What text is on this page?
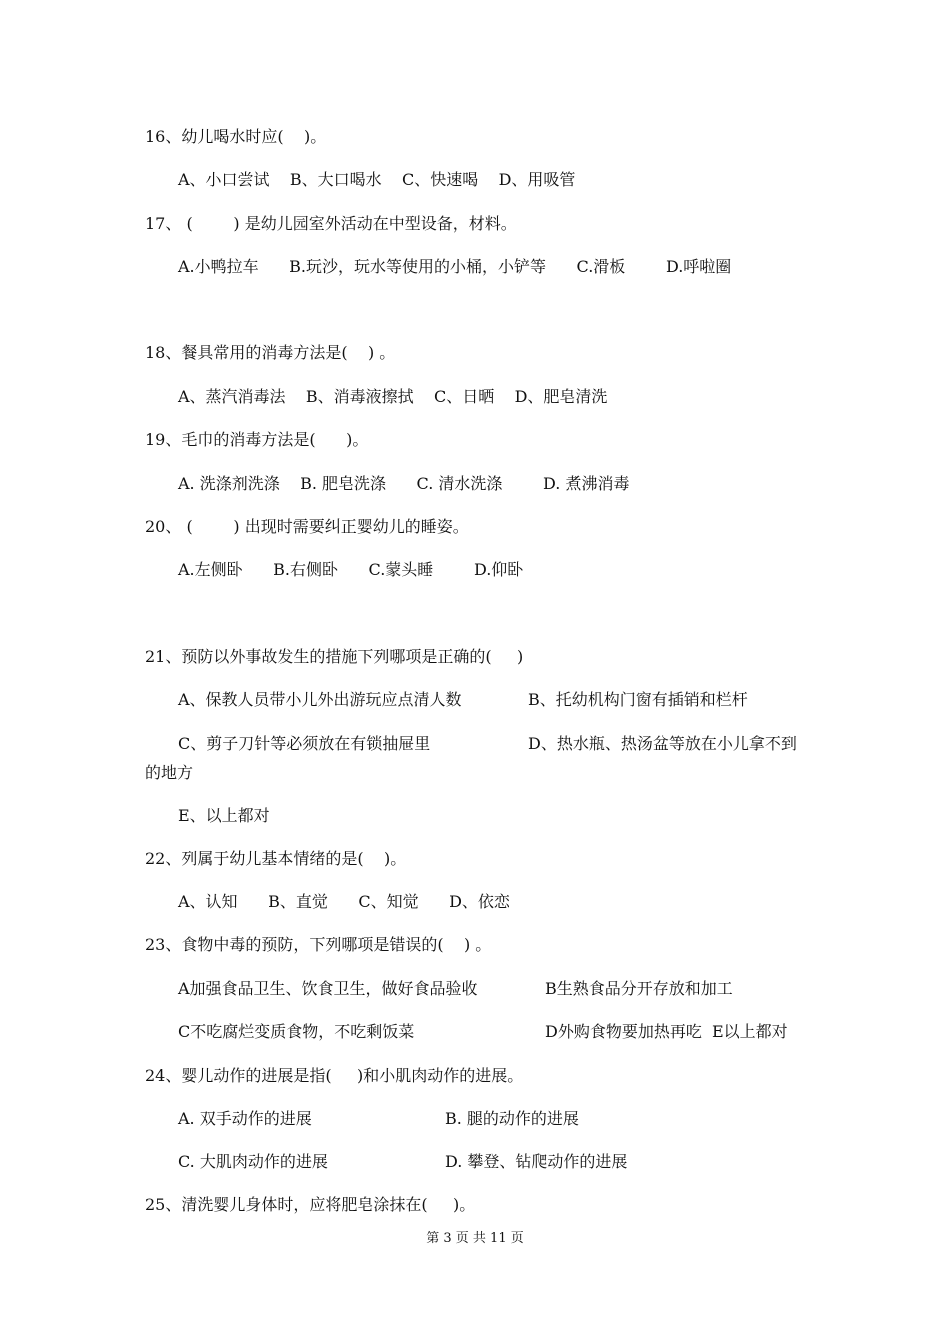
16、幼儿喝水时应(    )。
A、小口尝试    B、大口喝水    C、快速喝    D、用吸管
17、 (        ) 是幼儿园室外活动在中型设备，材料。
A.小鸭拉车      B.玩沙，玩水等使用的小桶，小铲等      C.滑板        D.呼啦圈
18、餐具常用的消毒方法是(    ) 。
A、蒸汽消毒法    B、消毒液擦拭    C、日晒    D、肥皂清洗
19、毛巾的消毒方法是(      )。
A. 洗涤剂洗涤    B. 肥皂洗涤      C. 清水洗涤        D. 煮沸消毒
20、 (        ) 出现时需要纠正婴幼儿的睡姿。
A.左侧卧      B.右侧卧      C.蒙头睡        D.仰卧
21、预防以外事故发生的措施下列哪项是正确的(     )
A、保教人员带小儿外出游玩应点清人数	B、托幼机构门窗有插销和栏杆
C、剪子刀针等必须放在有锁抽屉里	D、热水瓶、热汤盆等放在小儿拿不到
的地方
E、以上都对
22、列属于幼儿基本情绪的是(    )。
A、认知      B、直觉      C、知觉      D、依恋
23、食物中毒的预防，下列哪项是错误的(    ) 。
A加强食品卫生、饮食卫生，做好食品验收	B生熟食品分开存放和加工
C不吃腐烂变质食物，不吃剩饭菜	D外购食物要加热再吃  E以上都对
24、婴儿动作的进展是指(     )和小肌肉动作的进展。
A. 双手动作的进展	B. 腿的动作的进展
C. 大肌肉动作的进展	D. 攀登、钻爬动作的进展
25、清洗婴儿身体时，应将肥皂涂抹在(     )。
第 3 页 共 11 页
